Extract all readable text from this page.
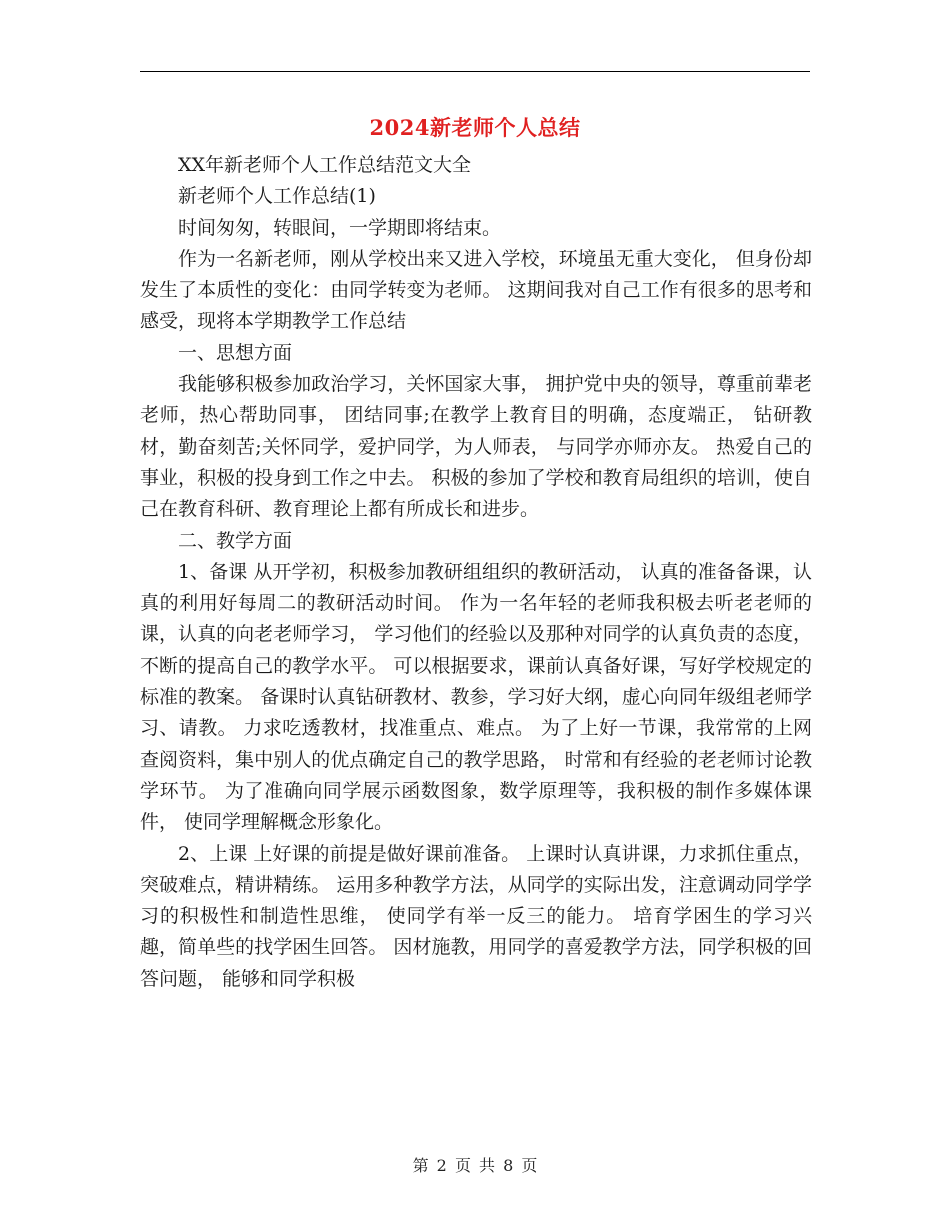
2024新老师个人总结

XX年新老师个人工作总结范文大全

新老师个人工作总结(1)

时间匆匆，转眼间，一学期即将结束。

作为一名新老师，刚从学校出来又进入学校，环境虽无重大变化， 但身份却发生了本质性的变化：由同学转变为老师。 这期间我对自己工作有很多的思考和感受，现将本学期教学工作总结

一、思想方面

我能够积极参加政治学习，关怀国家大事， 拥护党中央的领导，尊重前辈老老师，热心帮助同事， 团结同事;在教学上教育目的明确，态度端正， 钻研教材，勤奋刻苦;关怀同学，爱护同学，为人师表， 与同学亦师亦友。 热爱自己的事业，积极的投身到工作之中去。 积极的参加了学校和教育局组织的培训，使自己在教育科研、教育理论上都有所成长和进步。

二、教学方面

1、备课 从开学初，积极参加教研组组织的教研活动， 认真的准备备课，认真的利用好每周二的教研活动时间。 作为一名年轻的老师我积极去听老老师的课，认真的向老老师学习， 学习他们的经验以及那种对同学的认真负责的态度， 不断的提高自己的教学水平。 可以根据要求，课前认真备好课，写好学校规定的标准的教案。 备课时认真钻研教材、教参，学习好大纲，虚心向同年级组老师学习、请教。 力求吃透教材，找准重点、难点。 为了上好一节课，我常常的上网查阅资料，集中别人的优点确定自己的教学思路， 时常和有经验的老老师讨论教学环节。 为了准确向同学展示函数图象，数学原理等，我积极的制作多媒体课件， 使同学理解概念形象化。

2、上课 上好课的前提是做好课前准备。 上课时认真讲课，力求抓住重点，突破难点，精讲精练。 运用多种教学方法，从同学的实际出发，注意调动同学学习的积极性和制造性思维， 使同学有举一反三的能力。 培育学困生的学习兴趣，简单些的找学困生回答。 因材施教，用同学的喜爱教学方法，同学积极的回答问题， 能够和同学积极

第 2 页 共 8 页
